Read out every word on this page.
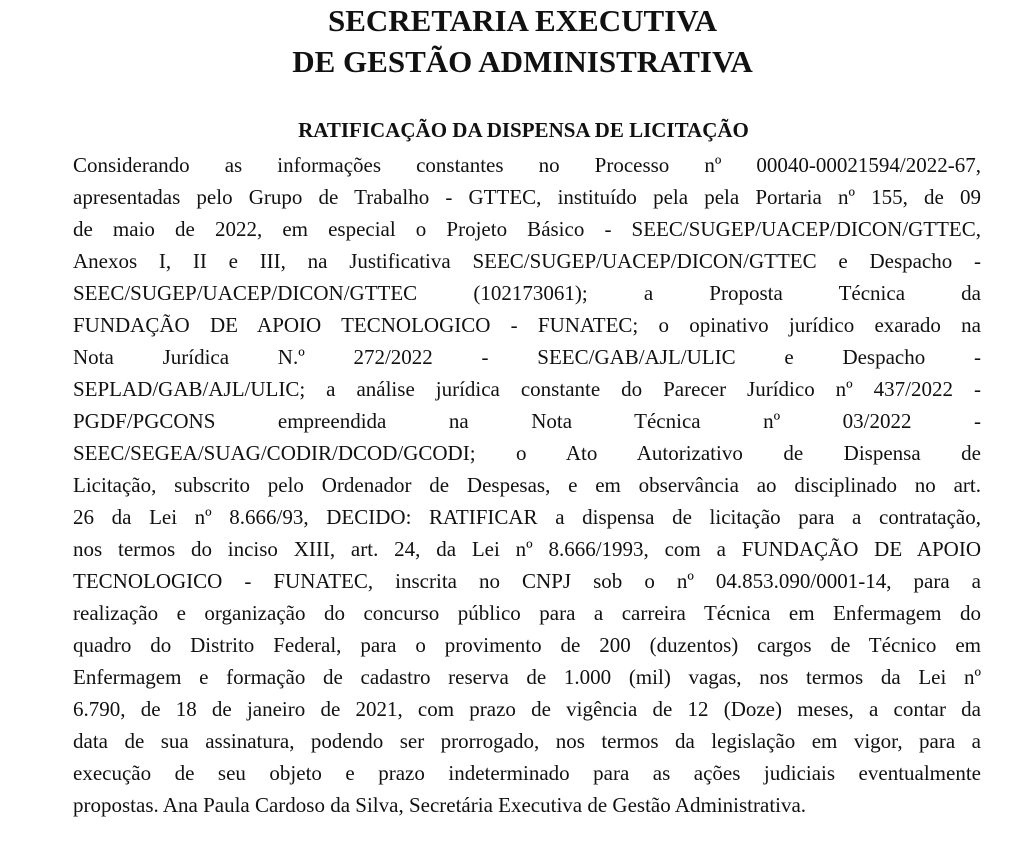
SECRETARIA EXECUTIVA
DE GESTÃO ADMINISTRATIVA
RATIFICAÇÃO DA DISPENSA DE LICITAÇÃO

Considerando as informações constantes no Processo nº 00040-00021594/2022-67,
apresentadas pelo Grupo de Trabalho - GTTEC, instituído pela pela Portaria nº 155, de 09
de maio de 2022, em especial o Projeto Básico - SEEC/SUGEP/UACEP/DICON/GTTEC,
Anexos I, II e III, na Justificativa SEEC/SUGEP/UACEP/DICON/GTTEC e Despacho -
SEEC/SUGEP/UACEP/DICON/GTTEC (102173061); a Proposta Técnica da
FUNDAÇÃO DE APOIO TECNOLOGICO - FUNATEC; o opinativo jurídico exarado na
Nota Jurídica N.º 272/2022 - SEEC/GAB/AJL/ULIC e Despacho -
SEPLAD/GAB/AJL/ULIC; a análise jurídica constante do Parecer Jurídico nº 437/2022 -
PGDF/PGCONS empreendida na Nota Técnica nº 03/2022 -
SEEC/SEGEA/SUAG/CODIR/DCOD/GCODI; o Ato Autorizativo de Dispensa de
Licitação, subscrito pelo Ordenador de Despesas, e em observância ao disciplinado no art.
26 da Lei nº 8.666/93, DECIDO: RATIFICAR a dispensa de licitação para a contratação,
nos termos do inciso XIII, art. 24, da Lei nº 8.666/1993, com a FUNDAÇÃO DE APOIO
TECNOLOGICO - FUNATEC, inscrita no CNPJ sob o nº 04.853.090/0001-14, para a
realização e organização do concurso público para a carreira Técnica em Enfermagem do
quadro do Distrito Federal, para o provimento de 200 (duzentos) cargos de Técnico em
Enfermagem e formação de cadastro reserva de 1.000 (mil) vagas, nos termos da Lei nº
6.790, de 18 de janeiro de 2021, com prazo de vigência de 12 (Doze) meses, a contar da
data de sua assinatura, podendo ser prorrogado, nos termos da legislação em vigor, para a
execução de seu objeto e prazo indeterminado para as ações judiciais eventualmente
propostas. Ana Paula Cardoso da Silva, Secretária Executiva de Gestão Administrativa.
